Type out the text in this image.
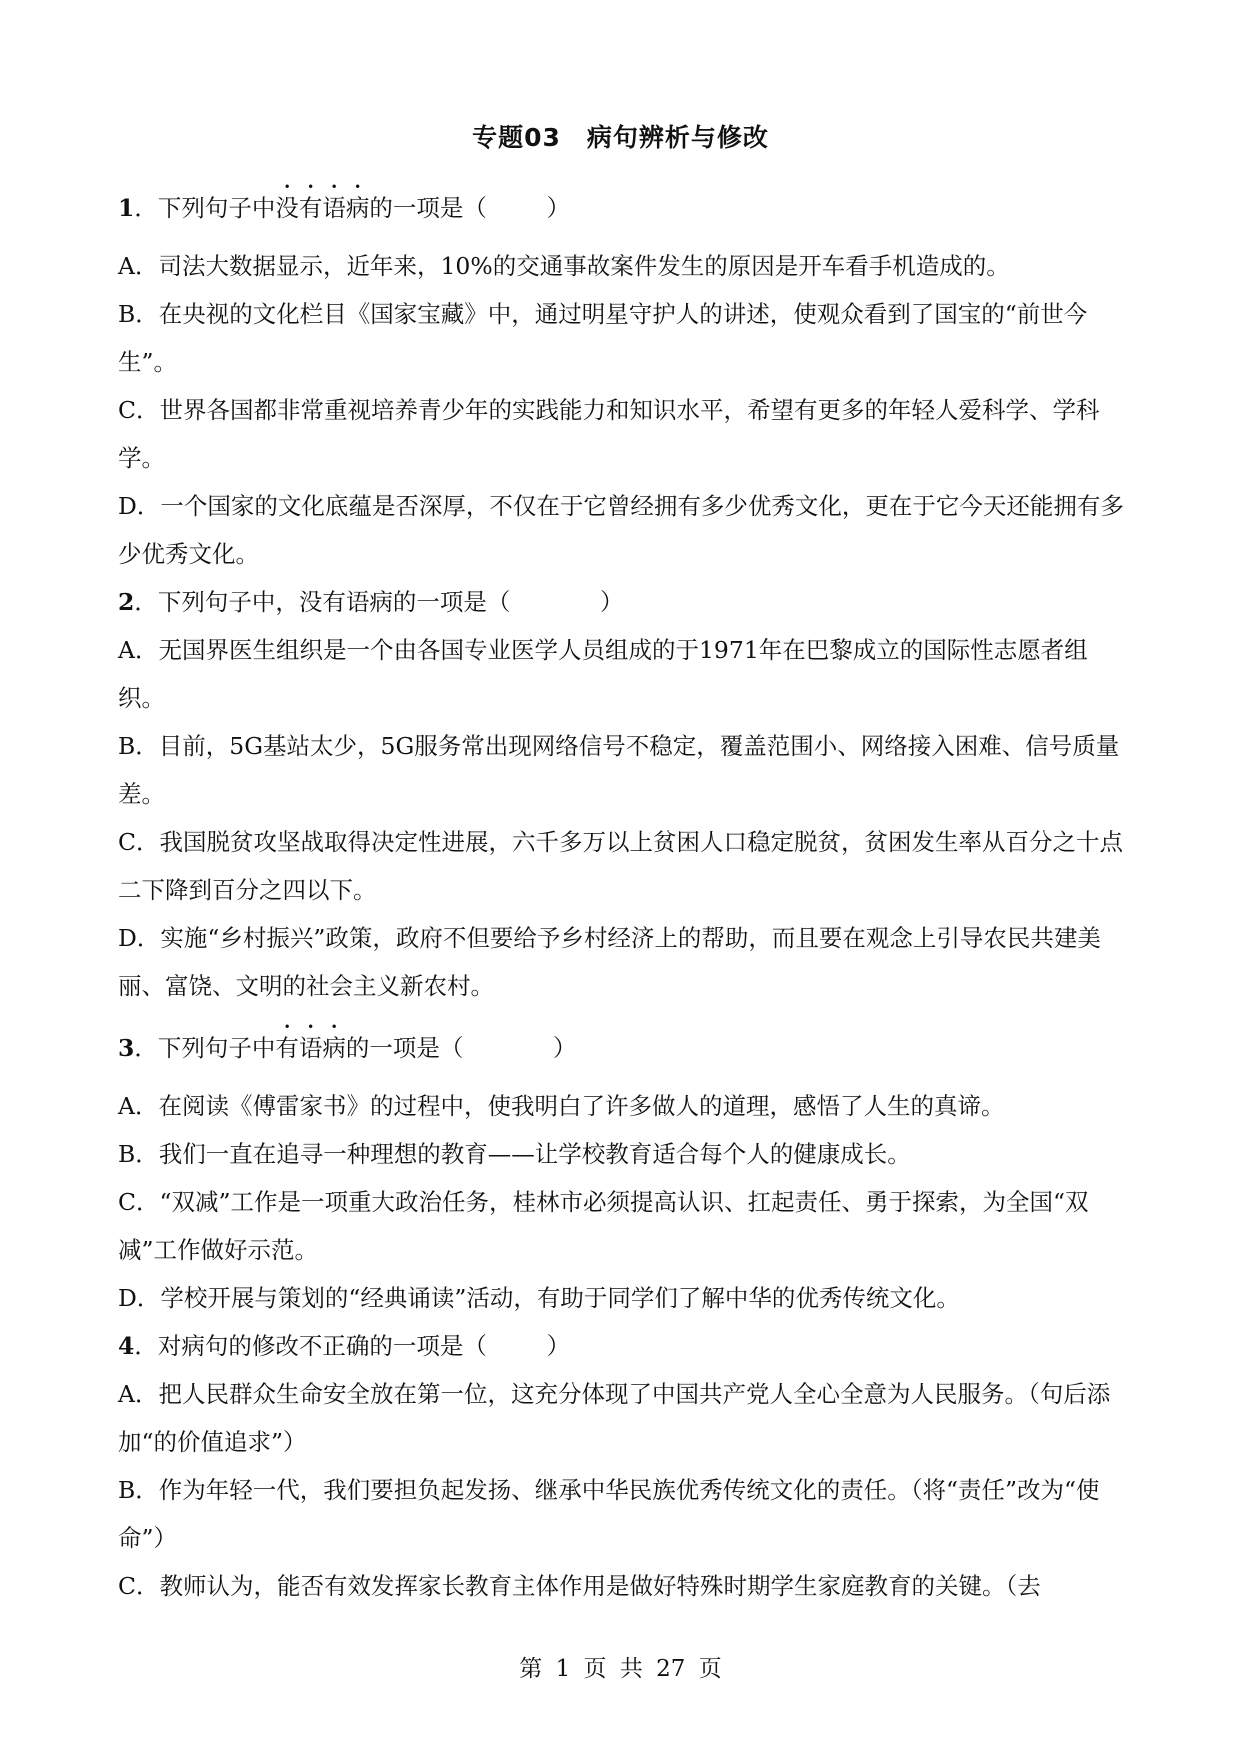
专题03　病句辨析与修改

1．下列句子中没有语病的一项是（	）

A．司法大数据显示，近年来，10%的交通事故案件发生的原因是开车看手机造成的。

B．在央视的文化栏目《国家宝藏》中，通过明星守护人的讲述，使观众看到了国宝的“前世今生”。

C．世界各国都非常重视培养青少年的实践能力和知识水平，希望有更多的年轻人爱科学、学科学。

D．一个国家的文化底蕴是否深厚，不仅在于它曾经拥有多少优秀文化，更在于它今天还能拥有多少优秀文化。

2．下列句子中，没有语病的一项是（	）

A．无国界医生组织是一个由各国专业医学人员组成的于1971年在巴黎成立的国际性志愿者组织。

B．目前，5G基站太少，5G服务常出现网络信号不稳定，覆盖范围小、网络接入困难、信号质量差。

C．我国脱贫攻坚战取得决定性进展，六千多万以上贫困人口稳定脱贫，贫困发生率从百分之十点二下降到百分之四以下。

D．实施“乡村振兴”政策，政府不但要给予乡村经济上的帮助，而且要在观念上引导农民共建美丽、富饶、文明的社会主义新农村。

3．下列句子中有语病的一项是（	）

A．在阅读《傅雷家书》的过程中，使我明白了许多做人的道理，感悟了人生的真谛。

B．我们一直在追寻一种理想的教育——让学校教育适合每个人的健康成长。

C．“双减”工作是一项重大政治任务，桂林市必须提高认识、扛起责任、勇于探索，为全国“双减”工作做好示范。

D．学校开展与策划的“经典诵读”活动，有助于同学们了解中华的优秀传统文化。

4．对病句的修改不正确的一项是（	）

A．把人民群众生命安全放在第一位，这充分体现了中国共产党人全心全意为人民服务。（句后添加“的价值追求”）

B．作为年轻一代，我们要担负起发扬、继承中华民族优秀传统文化的责任。（将“责任”改为“使命”）

C．教师认为，能否有效发挥家长教育主体作用是做好特殊时期学生家庭教育的关键。（去

第 1 页 共 27 页
